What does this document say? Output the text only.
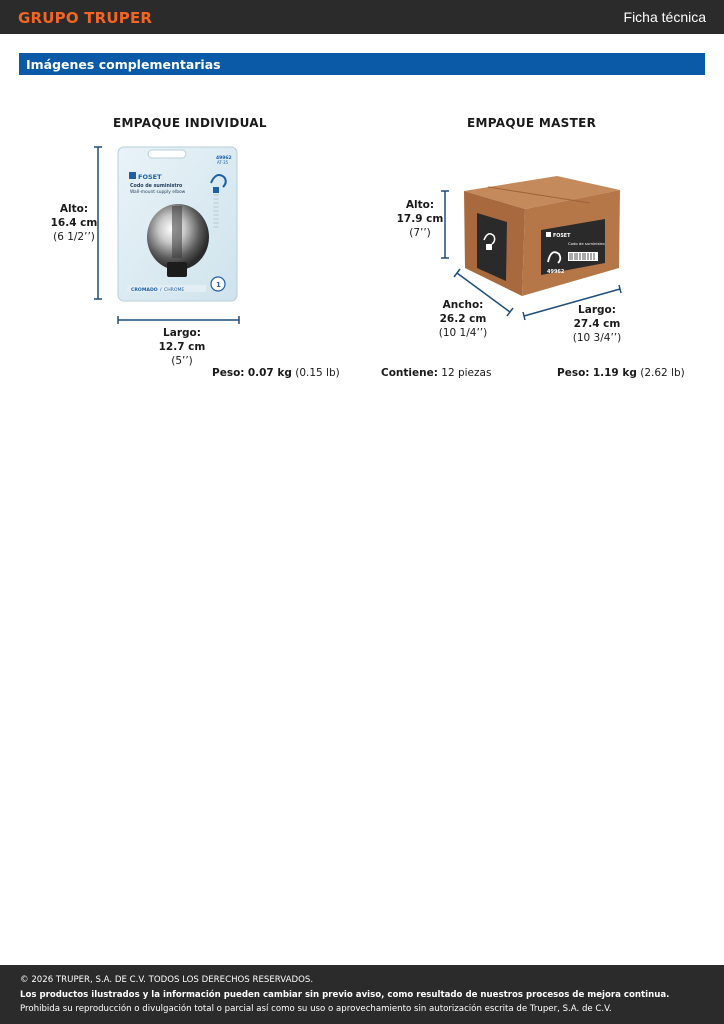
GRUPO TRUPER	Ficha técnica
Imágenes complementarias
FOSET
49962
AT-35
Codo de suministro
Wall-mount supply elbow
CROMADO / CHROME
1
FOSET
Codo de suministro
49962
EMPAQUE INDIVIDUAL
Alto:
16.4 cm
(6 1/2’’)
Largo:
12.7 cm
(5’’)
Peso: 0.07 kg (0.15 lb)
EMPAQUE MASTER
Alto:
17.9 cm
(7’’)
Ancho:
26.2 cm
(10 1/4’’)
Largo:
27.4 cm
(10 3/4’’)
Contiene: 12 piezas	Peso: 1.19 kg (2.62 lb)
© 2026 TRUPER, S.A. DE C.V. TODOS LOS DERECHOS RESERVADOS.
Los productos ilustrados y la información pueden cambiar sin previo aviso, como resultado de nuestros procesos de mejora continua.
Prohibida su reproducción o divulgación total o parcial así como su uso o aprovechamiento sin autorización escrita de Truper, S.A. de C.V.
